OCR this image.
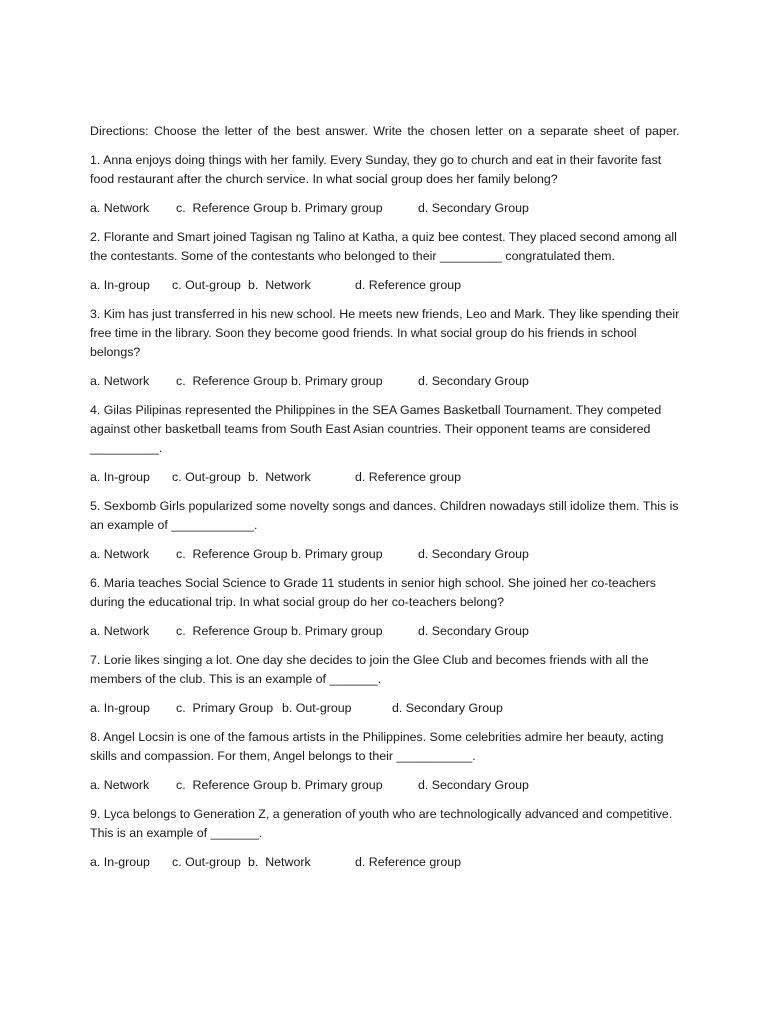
Directions: Choose the letter of the best answer. Write the chosen letter on a separate sheet of paper.

1. Anna enjoys doing things with her family. Every Sunday, they go to church and eat in their favorite fast food restaurant after the church service. In what social group does her family belong?

a. Network c.  Reference Group b. Primary group	d. Secondary Group

2. Florante and Smart joined Tagisan ng Talino at Katha, a quiz bee contest. They placed second among all the contestants. Some of the contestants who belonged to their _________ congratulated them.

a. In-group c. Out-group b.  Network	d. Reference group

3. Kim has just transferred in his new school. He meets new friends, Leo and Mark. They like spending their free time in the library. Soon they become good friends. In what social group do his friends in school belongs?

a. Network c.  Reference Group b. Primary group	d. Secondary Group

4. Gilas Pilipinas represented the Philippines in the SEA Games Basketball Tournament. They competed against other basketball teams from South East Asian countries. Their opponent teams are considered __________.

a. In-group c. Out-group b.  Network	d. Reference group

5. Sexbomb Girls popularized some novelty songs and dances. Children nowadays still idolize them. This is an example of ____________.

a. Network c.  Reference Group b. Primary group	d. Secondary Group

6. Maria teaches Social Science to Grade 11 students in senior high school. She joined her co-teachers during the educational trip. In what social group do her co-teachers belong?

a. Network c.  Reference Group b. Primary group	d. Secondary Group

7. Lorie likes singing a lot. One day she decides to join the Glee Club and becomes friends with all the members of the club. This is an example of _______.

a. In-group c.  Primary Group b. Out-group	d. Secondary Group

8. Angel Locsin is one of the famous artists in the Philippines. Some celebrities admire her beauty, acting skills and compassion. For them, Angel belongs to their ___________.

a. Network c.  Reference Group b. Primary group	d. Secondary Group

9. Lyca belongs to Generation Z, a generation of youth who are technologically advanced and competitive. This is an example of _______.

a. In-group c. Out-group b.  Network	d. Reference group
